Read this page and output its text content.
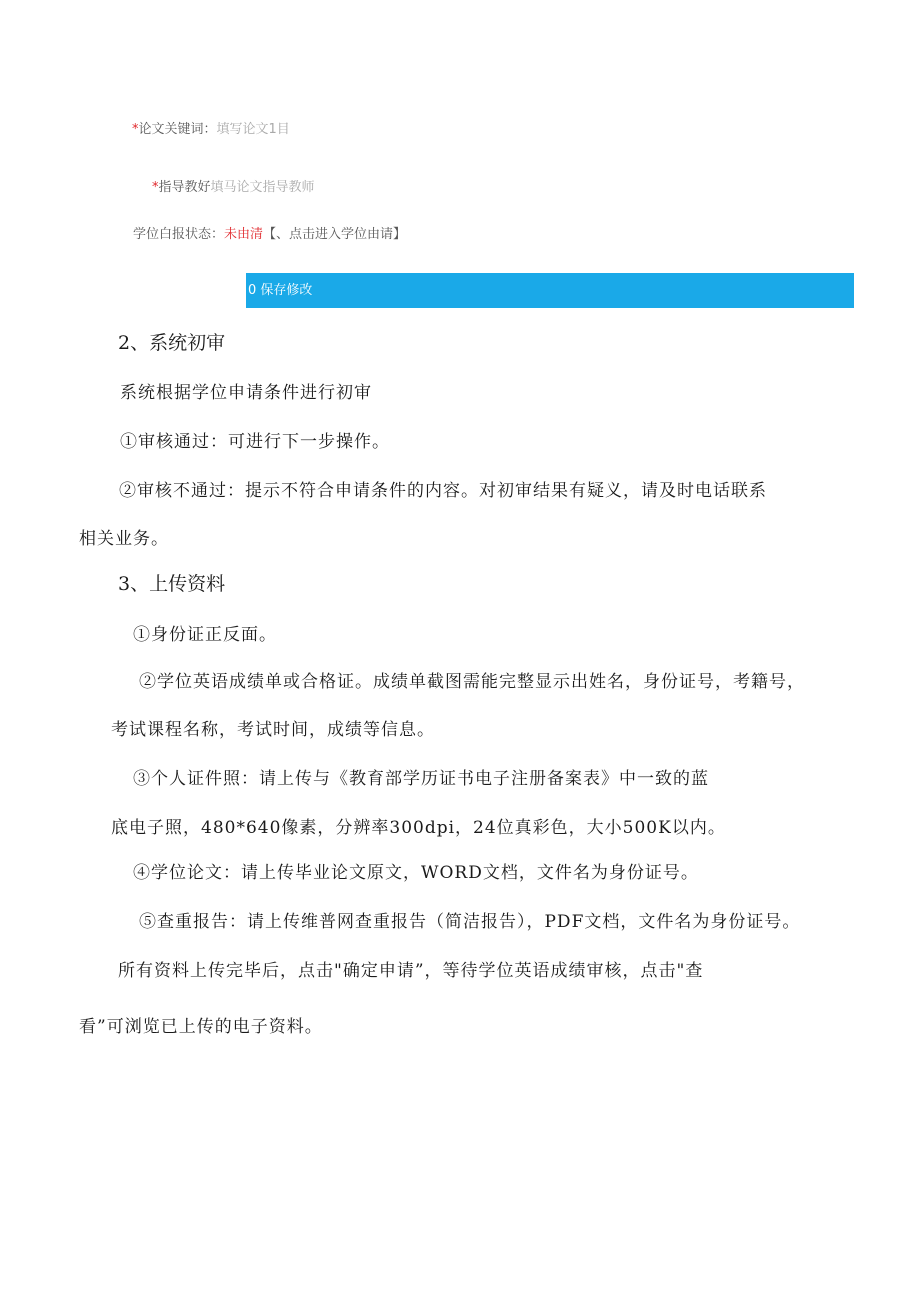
*论文关键词：填写论文1目
*指导教好填马论文指导教师
学位白报状态：未由清【、点击进入学位由请】
0 保存修改
2、系统初审
系统根据学位申请条件进行初审
①审核通过：可进行下一步操作。
②审核不通过：提示不符合申请条件的内容。对初审结果有疑义，请及时电话联系
相关业务。
3、上传资料
①身份证正反面。
②学位英语成绩单或合格证。成绩单截图需能完整显示出姓名，身份证号，考籍号，
考试课程名称，考试时间，成绩等信息。
③个人证件照：请上传与《教育部学历证书电子注册备案表》中一致的蓝
底电子照，480*640像素，分辨率300dpi，24位真彩色，大小500K以内。
④学位论文：请上传毕业论文原文，WORD文档，文件名为身份证号。
⑤查重报告：请上传维普网查重报告（简洁报告），PDF文档，文件名为身份证号。
所有资料上传完毕后，点击"确定申请”，等待学位英语成绩审核，点击"查
看”可浏览已上传的电子资料。
